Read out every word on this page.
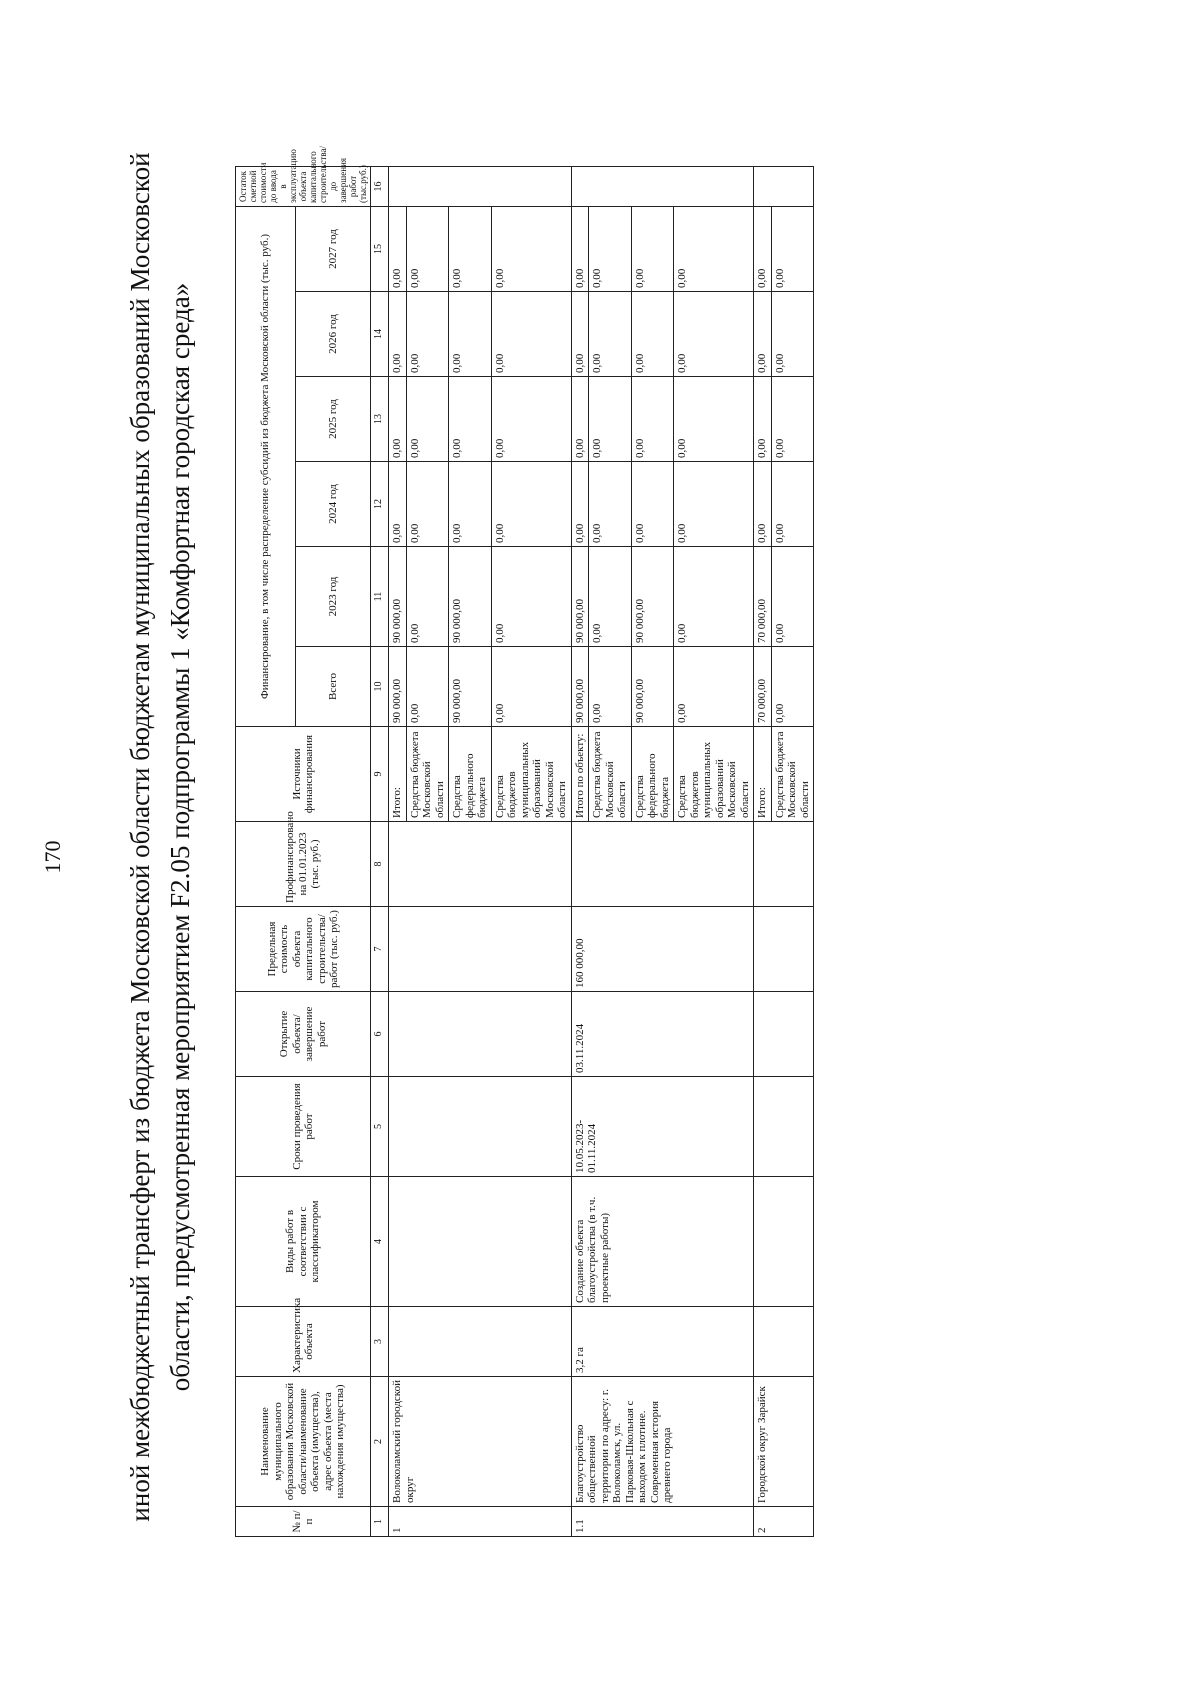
170 иной межбюджетный трансферт из бюджета Московской области бюджетам муниципальных образований Московской области, предусмотренная мероприятием F2.05 подпрограммы 1 «Комфортная городская среда»
№ п/п	Наименование муниципального образования Московской области/наименование объекта (имущества), адрес объекта (места нахождения имущества)	Характеристика объекта	Виды работ в соответствии с классификатором	Сроки проведения работ	Открытие объекта/завершение работ	Предельная стоимость объекта капитального строительства/работ (тыс. руб.)	Профинансировано на 01.01.2023 (тыс. руб.)	Источники финансирования	Финансирование, в том числе распределение субсидий из бюджета Московской области (тыс. руб.)						Остаток сметной стоимости до ввода в эксплуатацию объекта капитального строительства/до завершения работ (тыс.руб.)
									Всего	2023 год	2024 год	2025 год	2026 год	2027 год	
1	2	3	4	5	6	7	8	9	10	11	12	13	14	15	16
1	Волоколамский городской округ							Итого:	90 000,00	90 000,00	0,00	0,00	0,00	0,00	
								Средства бюджета Московской области	0,00	0,00	0,00	0,00	0,00	0,00	
								Средства федерального бюджета	90 000,00	90 000,00	0,00	0,00	0,00	0,00	
								Средства бюджетов муниципальных образований Московской области	0,00	0,00	0,00	0,00	0,00	0,00	
1.1	Благоустройство общественной территории по адресу: г. Волоколамск, ул. Парковая-Школьная с выходом к плотине. Современная история древнего города	3,2 га	Создание объекта благоустройства (в т.ч. проектные работы)	10.05.2023-01.11.2024	03.11.2024	160 000,00		Итого по объекту:	90 000,00	90 000,00	0,00	0,00	0,00	0,00	
								Средства бюджета Московской области	0,00	0,00	0,00	0,00	0,00	0,00	
								Средства федерального бюджета	90 000,00	90 000,00	0,00	0,00	0,00	0,00	
								Средства бюджетов муниципальных образований Московской области	0,00	0,00	0,00	0,00	0,00	0,00	
2	Городской округ Зарайск							Итого:	70 000,00	70 000,00	0,00	0,00	0,00	0,00	
								Средства бюджета Московской области	0,00	0,00	0,00	0,00	0,00	0,00	
